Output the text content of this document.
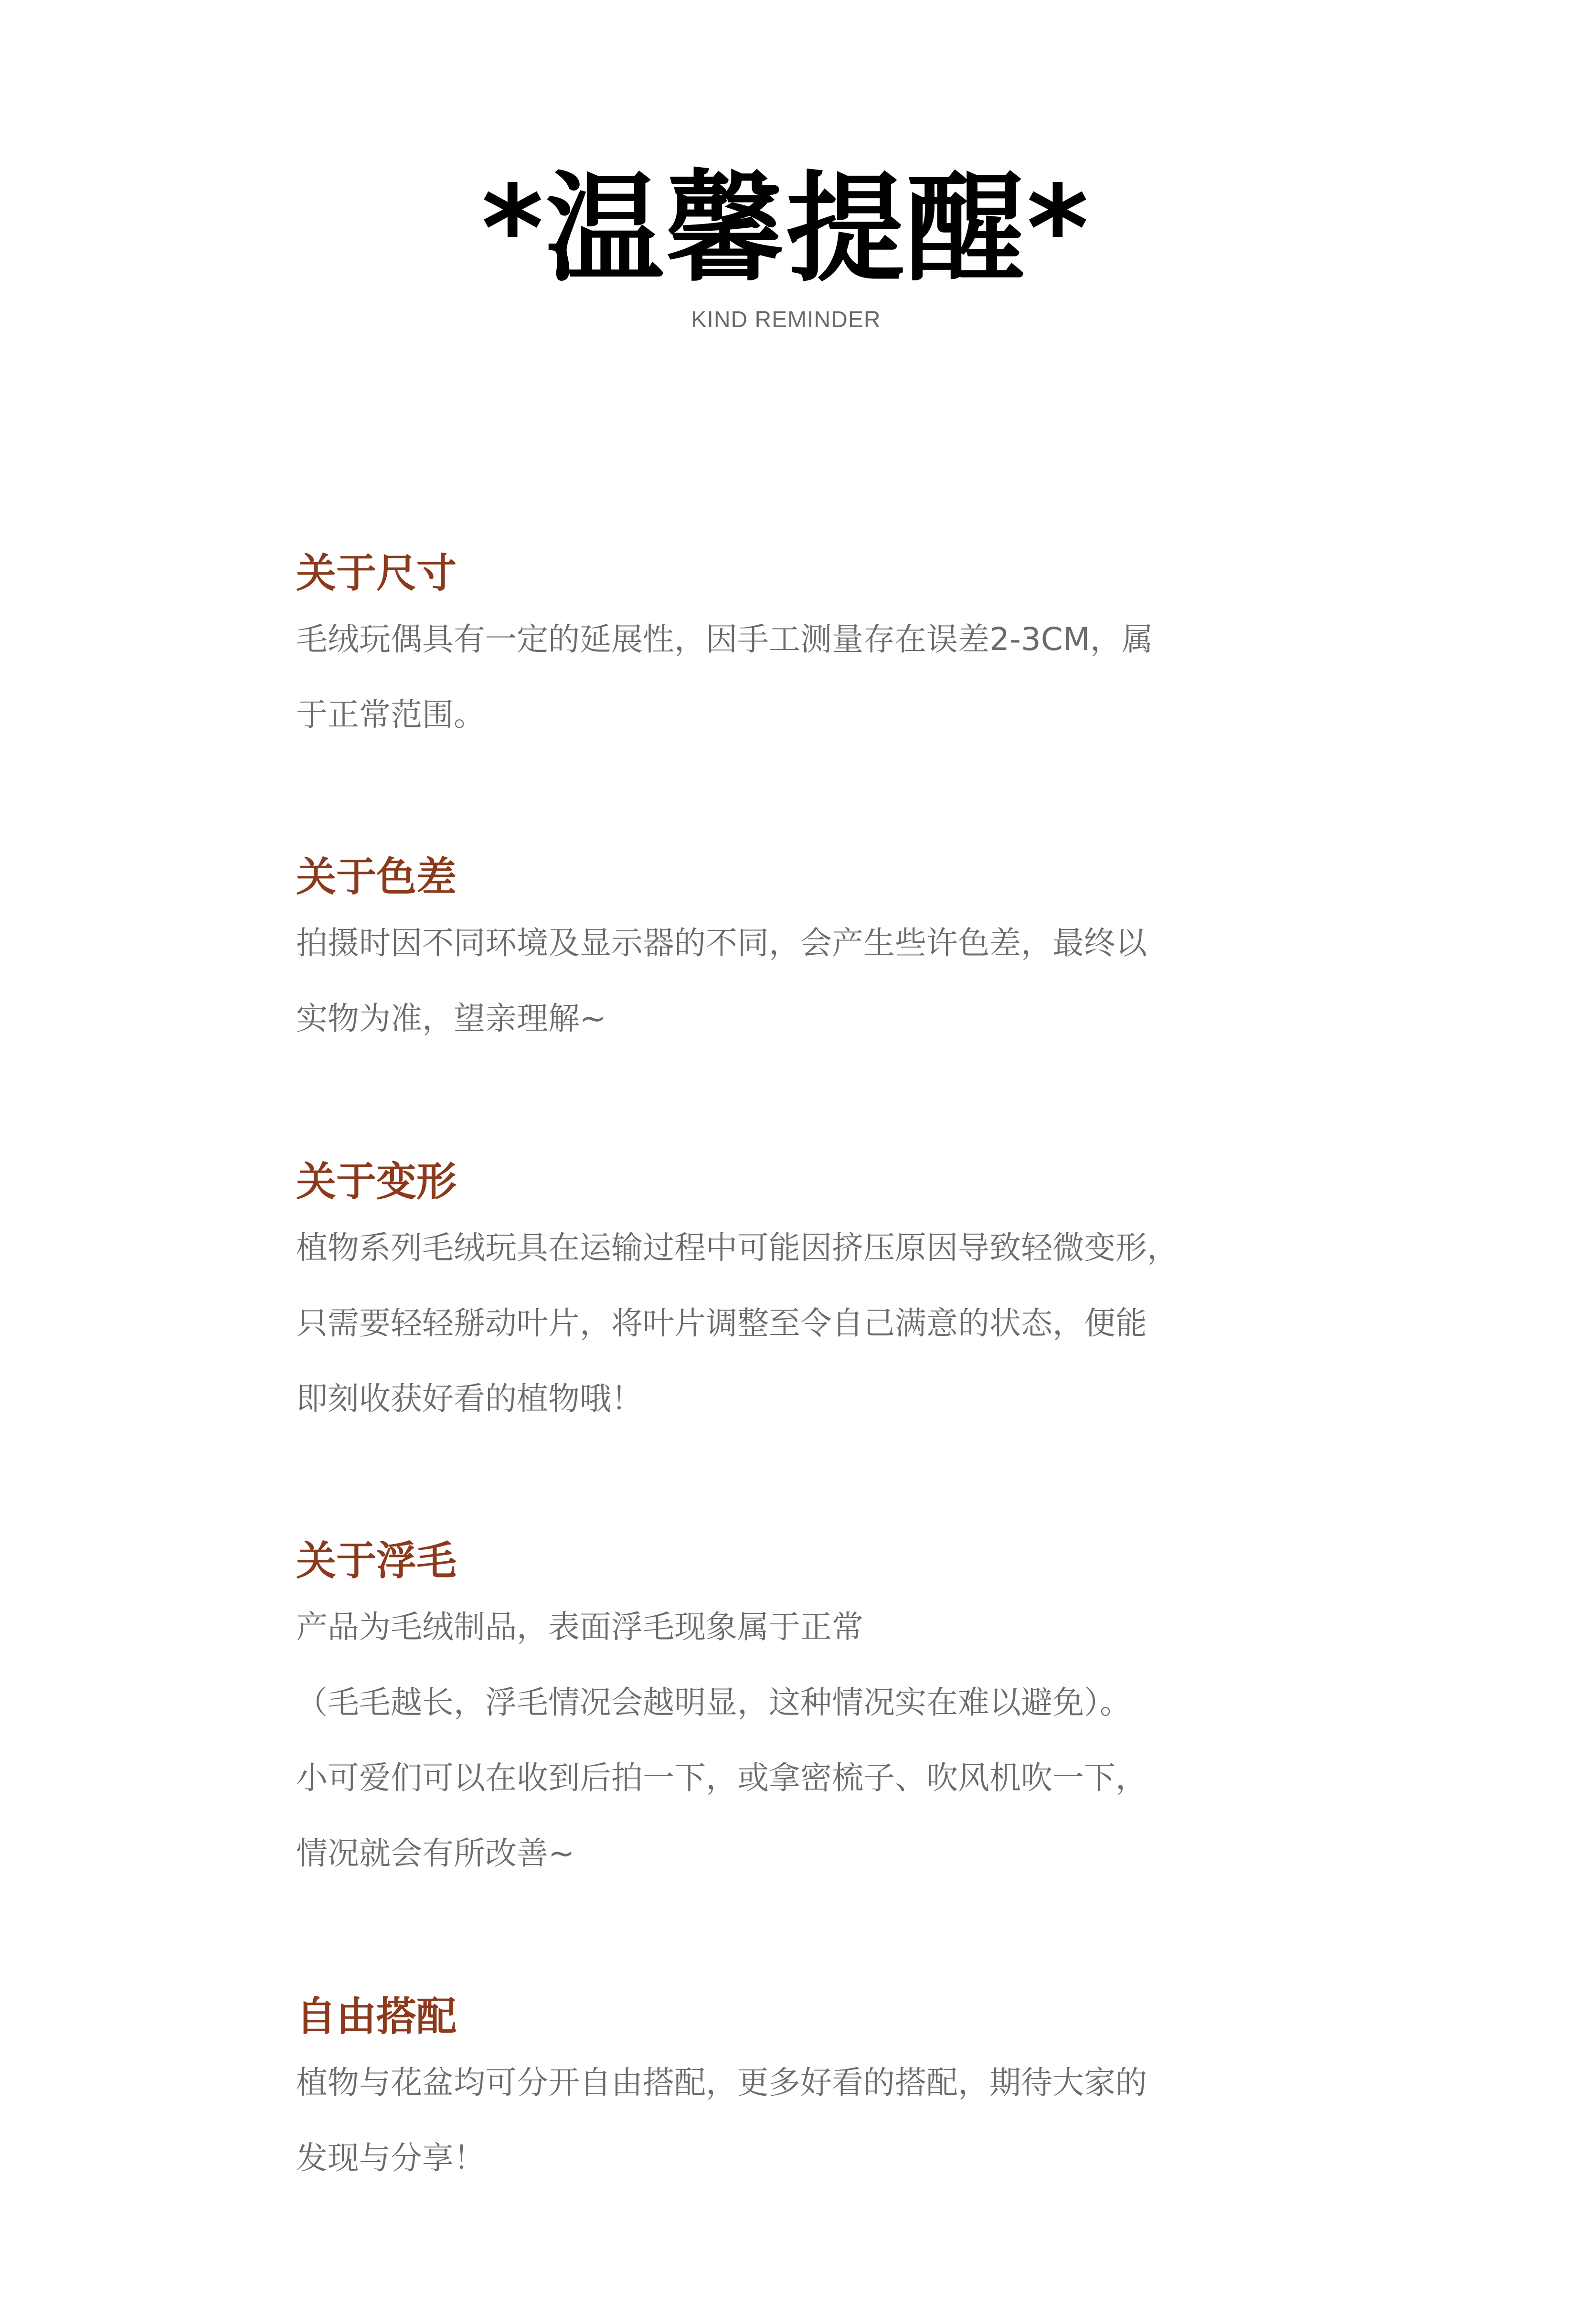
*温馨提醒*
KIND REMINDER
关于尺寸
毛绒玩偶具有一定的延展性，因手工测量存在误差2-3CM，属
于正常范围。
关于色差
拍摄时因不同环境及显示器的不同，会产生些许色差，最终以
实物为准，望亲理解~
关于变形
植物系列毛绒玩具在运输过程中可能因挤压原因导致轻微变形，
只需要轻轻掰动叶片，将叶片调整至令自己满意的状态，便能
即刻收获好看的植物哦！
关于浮毛
产品为毛绒制品，表面浮毛现象属于正常
（毛毛越长，浮毛情况会越明显，这种情况实在难以避免）。
小可爱们可以在收到后拍一下，或拿密梳子、吹风机吹一下，
情况就会有所改善~
自由搭配
植物与花盆均可分开自由搭配，更多好看的搭配，期待大家的
发现与分享！
